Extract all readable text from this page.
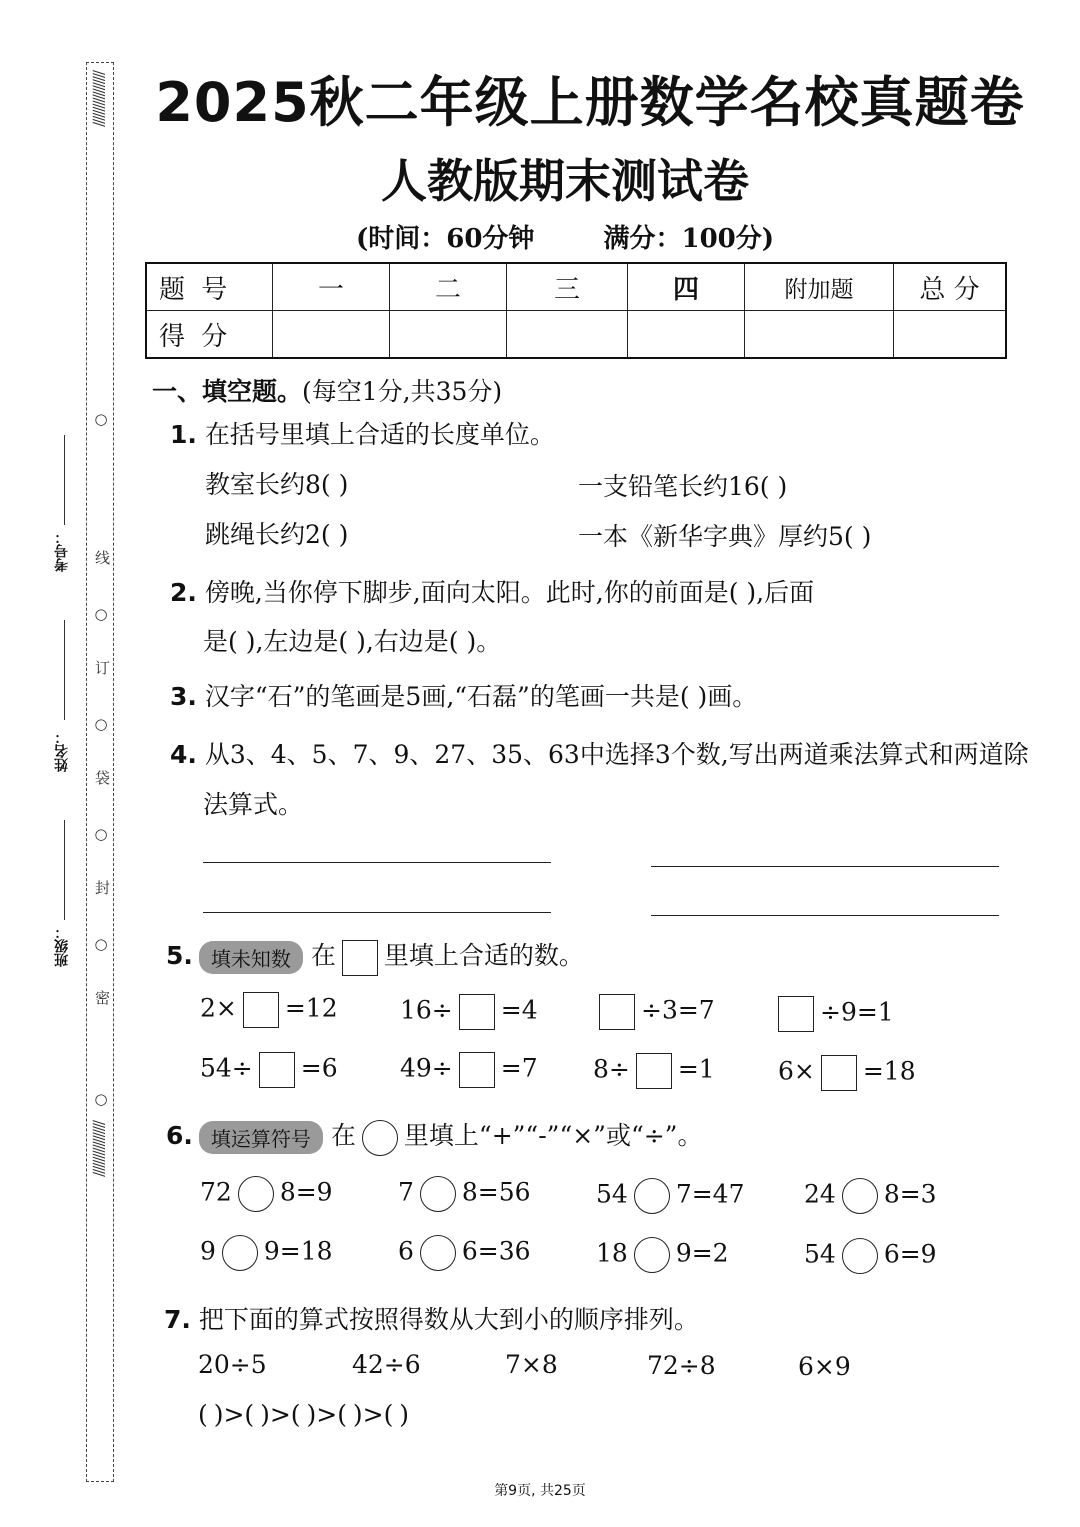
//////////////////
//////////////////
○
线
○
订
○
袋
○
封
○
密
○
考号：
姓名：
班级：
2025秋二年级上册数学名校真题卷
人教版期末测试卷
(时间：60分钟	满分：100分)
题 号	一	二	三	四	附加题	总 分
得 分						
一、填空题。(每空1分,共35分)
1. 在括号里填上合适的长度单位。
教室长约8( )	一支铅笔长约16( )
跳绳长约2( )	一本《新华字典》厚约5( )
2. 傍晚,当你停下脚步,面向太阳。此时,你的前面是( ),后面
是( ),左边是( ),右边是( )。
3. 汉字“石”的笔画是5画,“石磊”的笔画一共是( )画。
4. 从3、4、5、7、9、27、35、63中选择3个数,写出两道乘法算式和两道除
法算式。
5. 填未知数 在 里填上合适的数。
2× =12 16÷ =4	÷3=7	÷9=1
54÷ =6 49÷ =7 8÷ =1	6× =18
6. 填运算符号 在 里填上“+”“-”“×”或“÷”。
72 8=9	7 8=56	54 7=47 24 8=3
9 9=18	6 6=36	18 9=2	54 6=9
7. 把下面的算式按照得数从大到小的顺序排列。
20÷5	42÷6	7×8	72÷8	6×9
( )>( )>( )>( )>( )
第9页, 共25页
